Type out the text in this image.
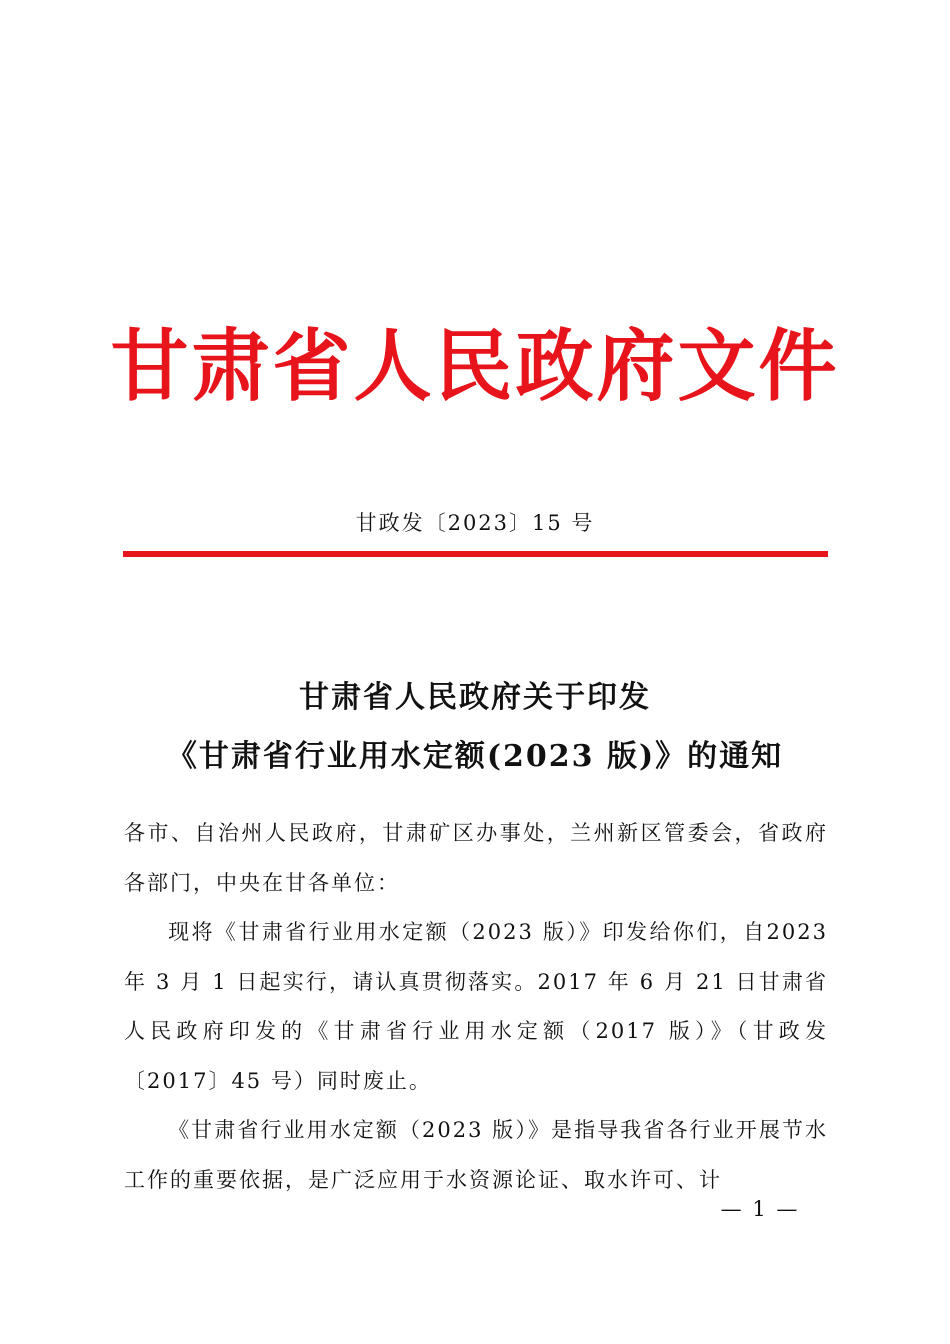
甘肃省人民政府文件
甘政发〔2023〕15 号
甘肃省人民政府关于印发
《甘肃省行业用水定额(2023 版)》的通知

各市、自治州人民政府，甘肃矿区办事处，兰州新区管委会，省政府各部门，中央在甘各单位：

现将《甘肃省行业用水定额（2023 版）》印发给你们，自2023 年 3 月 1 日起实行，请认真贯彻落实。2017 年 6 月 21 日甘肃省人民政府印发的《甘肃省行业用水定额（2017 版）》（甘政发〔2017〕45 号）同时废止。

《甘肃省行业用水定额（2023 版）》是指导我省各行业开展节水工作的重要依据，是广泛应用于水资源论证、取水许可、计

— 1 —
